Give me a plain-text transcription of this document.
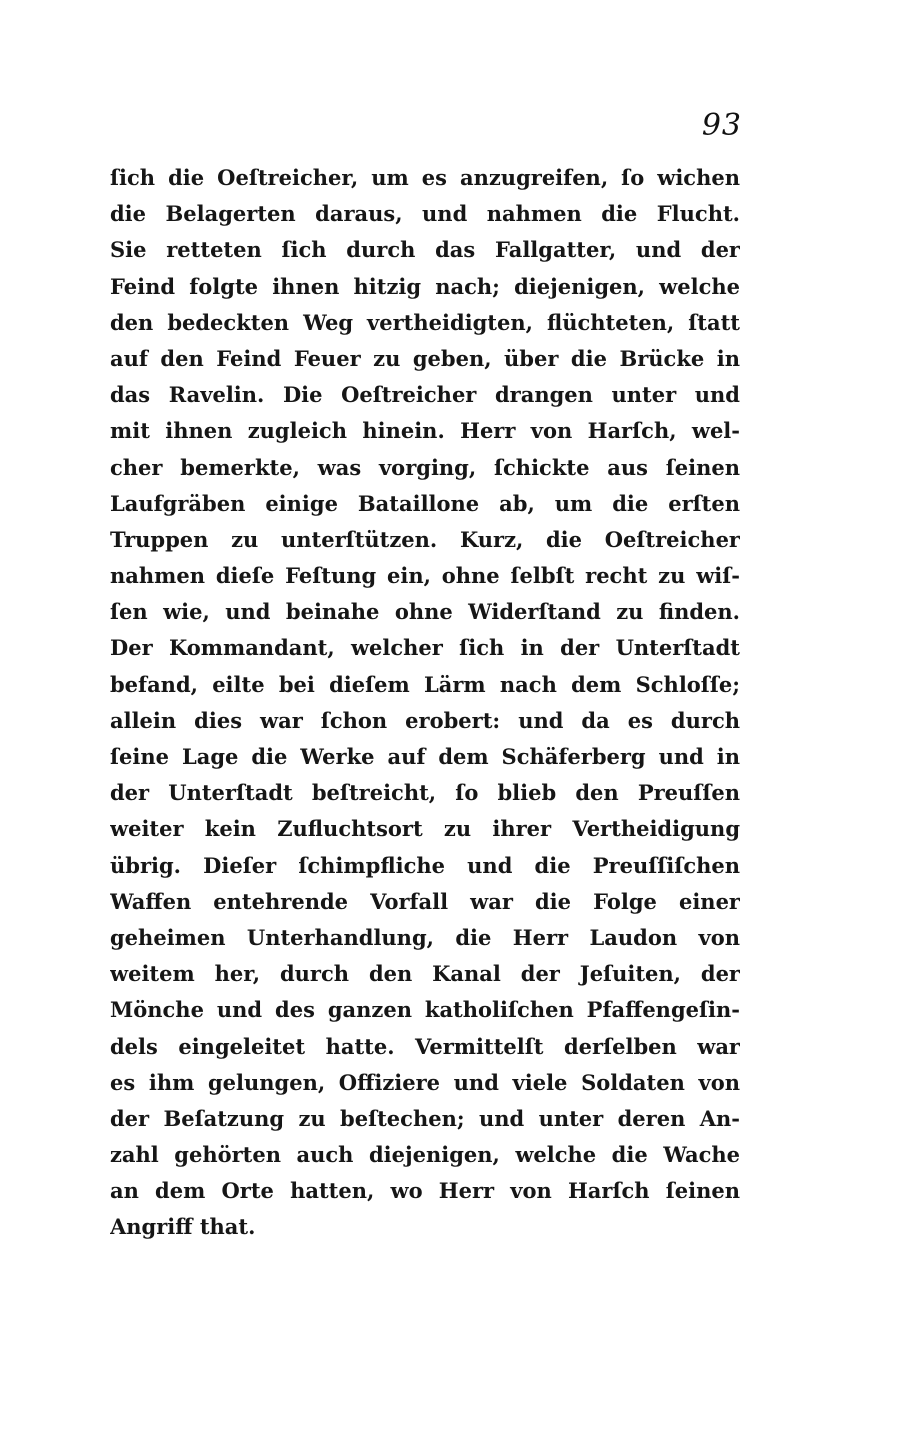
93
ſich die Oeſtreicher, um es anzugreifen, ſo wichen
die Belagerten daraus, und nahmen die Flucht.
Sie retteten ſich durch das Fallgatter, und der
Feind folgte ihnen hitzig nach; diejenigen, welche
den bedeckten Weg vertheidigten, flüchteten, ſtatt
auf den Feind Feuer zu geben, über die Brücke in
das Ravelin. Die Oeſtreicher drangen unter und
mit ihnen zugleich hinein. Herr von Harſch, wel-
cher bemerkte, was vorging, ſchickte aus ſeinen
Laufgräben einige Bataillone ab, um die erſten
Truppen zu unterſtützen. Kurz, die Oeſtreicher
nahmen dieſe Feſtung ein, ohne ſelbſt recht zu wiſ-
ſen wie, und beinahe ohne Widerſtand zu finden.
Der Kommandant, welcher ſich in der Unterſtadt
befand, eilte bei dieſem Lärm nach dem Schloſſe;
allein dies war ſchon erobert: und da es durch
ſeine Lage die Werke auf dem Schäferberg und in
der Unterſtadt beſtreicht, ſo blieb den Preuſſen
weiter kein Zufluchtsort zu ihrer Vertheidigung
übrig. Dieſer ſchimpfliche und die Preuſſiſchen
Waffen entehrende Vorfall war die Folge einer
geheimen Unterhandlung, die Herr Laudon von
weitem her, durch den Kanal der Jeſuiten, der
Mönche und des ganzen katholiſchen Pfaffengeſin-
dels eingeleitet hatte. Vermittelſt derſelben war
es ihm gelungen, Offiziere und viele Soldaten von
der Beſatzung zu beſtechen; und unter deren An-
zahl gehörten auch diejenigen, welche die Wache
an dem Orte hatten, wo Herr von Harſch ſeinen
Angriff that.
